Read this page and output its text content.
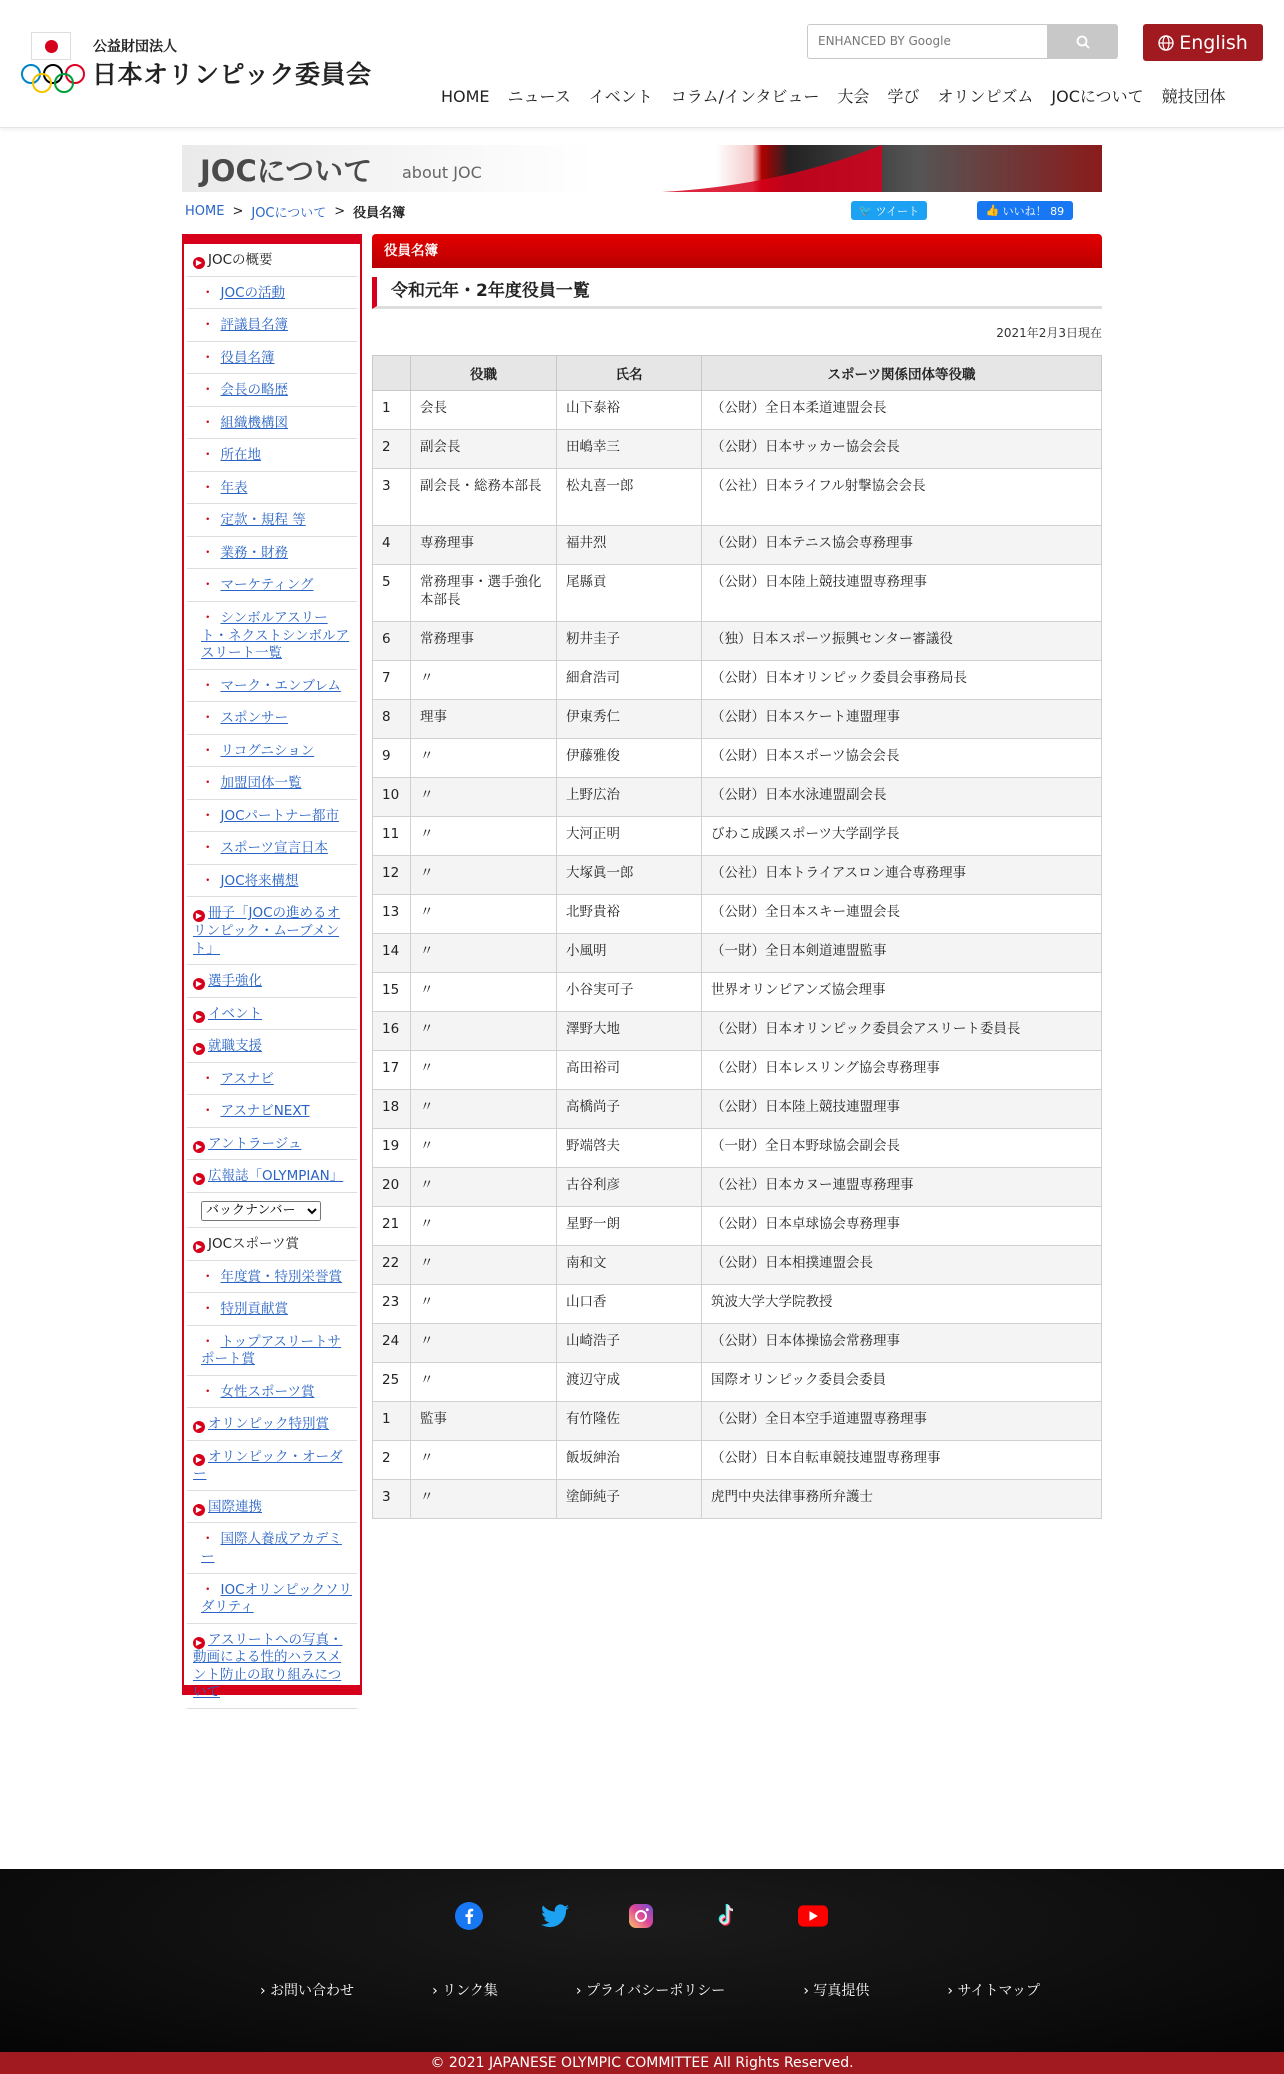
公益財団法人
日本オリンピック委員会
ENHANCED BY Google	English
HOME	ニュース	イベント	コラム/インタビュー	大会	学び	オリンピズム	JOCについて	競技団体
JOCについて about JOC
HOME > JOCについて > 役員名簿	🐦 ツイート	👍 いいね！ 89
▶ JOCの概要
・ JOCの活動
・ 評議員名簿
・ 役員名簿
・ 会長の略歴
・ 組織機構図
・ 所在地
・ 年表
・ 定款・規程 等
・ 業務・財務
・ マーケティング
・ シンボルアスリート・ネクストシンボルアスリート一覧
・ マーク・エンブレム
・ スポンサー
・ リコグニション
・ 加盟団体一覧
・ JOCパートナー都市
・ スポーツ宣言日本
・ JOC将来構想
▶ 冊子「JOCの進めるオリンピック・ムーブメント」
▶ 選手強化
▶ イベント
▶ 就職支援
・ アスナビ
・ アスナビNEXT
▶ アントラージュ
▶ 広報誌「OLYMPIAN」
バックナンバー
▶ JOCスポーツ賞
・ 年度賞・特別栄誉賞
・ 特別貢献賞
・ トップアスリートサポート賞
・ 女性スポーツ賞
▶ オリンピック特別賞
▶ オリンピック・オーダー
▶ 国際連携
・ 国際人養成アカデミー
・ IOCオリンピックソリダリティ
▶ アスリートへの写真・動画による性的ハラスメント防止の取り組みについて
役員名簿
令和元年・2年度役員一覧
2021年2月3日現在
	役職	氏名	スポーツ関係団体等役職
1	会長	山下泰裕	（公財）全日本柔道連盟会長
2	副会長	田嶋幸三	（公財）日本サッカー協会会長
3	副会長・総務本部長	松丸喜一郎	（公社）日本ライフル射撃協会会長
4	専務理事	福井烈	（公財）日本テニス協会専務理事
5	常務理事・選手強化本部長	尾縣貢	（公財）日本陸上競技連盟専務理事
6	常務理事	籾井圭子	（独）日本スポーツ振興センター審議役
7	〃	細倉浩司	（公財）日本オリンピック委員会事務局長
8	理事	伊東秀仁	（公財）日本スケート連盟理事
9	〃	伊藤雅俊	（公財）日本スポーツ協会会長
10	〃	上野広治	（公財）日本水泳連盟副会長
11	〃	大河正明	びわこ成蹊スポーツ大学副学長
12	〃	大塚眞一郎	（公社）日本トライアスロン連合専務理事
13	〃	北野貴裕	（公財）全日本スキー連盟会長
14	〃	小風明	（一財）全日本剣道連盟監事
15	〃	小谷実可子	世界オリンピアンズ協会理事
16	〃	澤野大地	（公財）日本オリンピック委員会アスリート委員長
17	〃	高田裕司	（公財）日本レスリング協会専務理事
18	〃	高橋尚子	（公財）日本陸上競技連盟理事
19	〃	野端啓夫	（一財）全日本野球協会副会長
20	〃	古谷利彦	（公社）日本カヌー連盟専務理事
21	〃	星野一朗	（公財）日本卓球協会専務理事
22	〃	南和文	（公財）日本相撲連盟会長
23	〃	山口香	筑波大学大学院教授
24	〃	山崎浩子	（公財）日本体操協会常務理事
25	〃	渡辺守成	国際オリンピック委員会委員
1	監事	有竹隆佐	（公財）全日本空手道連盟専務理事
2	〃	飯坂紳治	（公財）日本自転車競技連盟専務理事
3	〃	塗師純子	虎門中央法律事務所弁護士
› お問い合わせ	› リンク集	› プライバシーポリシー	› 写真提供	› サイトマップ
© 2021 JAPANESE OLYMPIC COMMITTEE All Rights Reserved.
